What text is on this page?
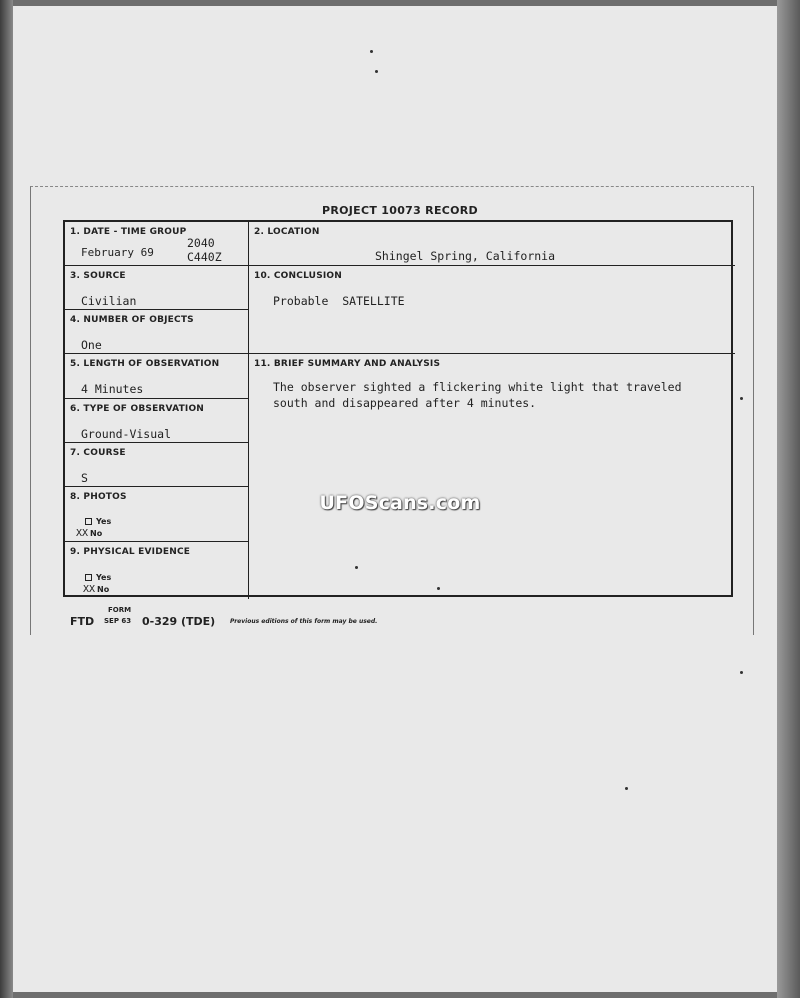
PROJECT 10073 RECORD
1. DATE - TIME GROUP
February 69
2040
C440Z
2. LOCATION
Shingel Spring, California
3. SOURCE
Civilian
10. CONCLUSION
Probable  SATELLITE
4. NUMBER OF OBJECTS
One
5. LENGTH OF OBSERVATION
4 Minutes
11. BRIEF SUMMARY AND ANALYSIS
The observer sighted a flickering white light that traveled
south and disappeared after 4 minutes.
6. TYPE OF OBSERVATION
Ground-Visual
7. COURSE
S
8. PHOTOS
Yes
XX No
9. PHYSICAL EVIDENCE
Yes
XX No
UFOScans.com
FORM
FTD SEP 63 0-329 (TDE) Previous editions of this form may be used.
